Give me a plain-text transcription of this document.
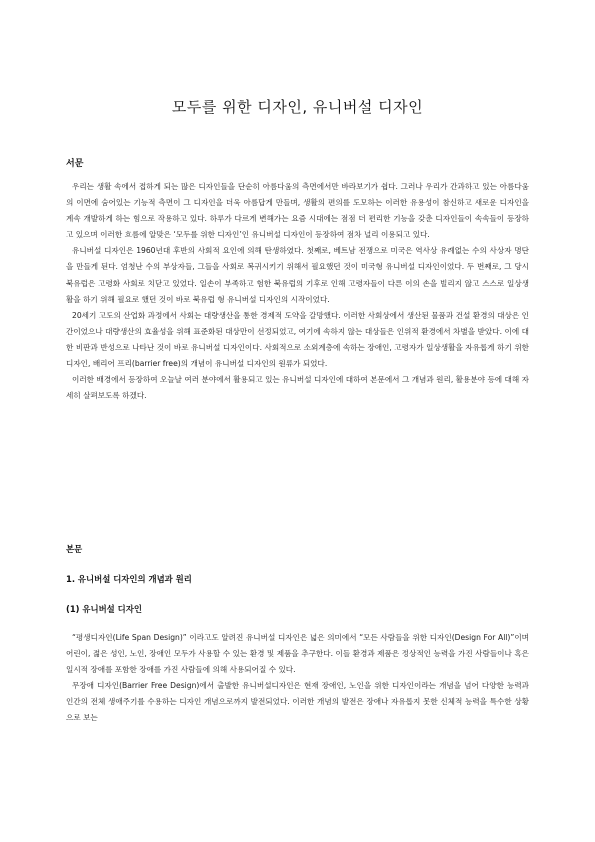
모두를 위한 디자인, 유니버설 디자인
서문

우리는 생활 속에서 접하게 되는 많은 디자인들을 단순히 아름다움의 측면에서만 바라보기가 쉽다. 그러나 우리가 간과하고 있는 아름다움의 이면에 숨어있는 기능적 측면이 그 디자인을 더욱 아름답게 만들며, 생활의 편의를 도모하는 이러한 유용성이 참신하고 새로운 디자인을 계속 개발하게 하는 힘으로 작용하고 있다. 하루가 다르게 변해가는 요즘 시대에는 점점 더 편리한 기능을 갖춘 디자인들이 속속들이 등장하고 있으며 이러한 흐름에 알맞은 ‘모두를 위한 디자인’인 유니버설 디자인이 등장하여 점차 널리 이용되고 있다.

유니버설 디자인은 1960년대 후반의 사회적 요인에 의해 탄생하였다. 첫째로, 베트남 전쟁으로 미국은 역사상 유례없는 수의 사상자 명단을 만들게 된다. 엄청난 수의 부상자들, 그들을 사회로 복귀시키기 위해서 필요했던 것이 미국형 유니버설 디자인이었다. 두 번째로, 그 당시 북유럽은 고령화 사회로 치닫고 있었다. 일손이 부족하고 험한 북유럽의 기후로 인해 고령자들이 다른 이의 손을 빌리지 않고 스스로 일상생활을 하기 위해 필요로 했던 것이 바로 북유럽 형 유니버설 디자인의 시작이었다.

20세기 고도의 산업화 과정에서 사회는 대량생산을 통한 경제적 도약을 갈망했다. 이러한 사회상에서 생산된 물품과 건설 환경의 대상은 인간이었으나 대량생산의 효율성을 위해 표준화된 대상만이 선정되었고, 여기에 속하지 않는 대상들은 인위적 환경에서 차별을 받았다. 이에 대한 비판과 반성으로 나타난 것이 바로 유니버설 디자인이다. 사회적으로 소외계층에 속하는 장애인, 고령자가 일상생활을 자유롭게 하기 위한 디자인, 배리어 프리(barrier free)의 개념이 유니버설 디자인의 원류가 되었다.

이러한 배경에서 등장하여 오늘날 여러 분야에서 활용되고 있는 유니버설 디자인에 대하여 본문에서 그 개념과 원리, 활용분야 등에 대해 자세히 살펴보도록 하겠다.

본문
1. 유니버설 디자인의 개념과 원리
(1) 유니버설 디자인

“평생디자인(Life Span Design)” 이라고도 알려진 유니버설 디자인은 넓은 의미에서 “모든 사람들을 위한 디자인(Design For All)”이며 어린이, 젊은 성인, 노인, 장애인 모두가 사용할 수 있는 환경 및 제품을 추구한다. 이들 환경과 제품은 정상적인 능력을 가진 사람들이나 혹은 일시적 장애를 포함한 장애를 가진 사람들에 의해 사용되어질 수 있다.

무장애 디자인(Barrier Free Design)에서 출발한 유니버설디자인은 현재 장애인, 노인을 위한 디자인이라는 개념을 넘어 다양한 능력과 인간의 전체 생애주기를 수용하는 디자인 개념으로까지 발전되었다. 이러한 개념의 발전은 장애나 자유롭지 못한 신체적 능력을 특수한 상황으로 보는
